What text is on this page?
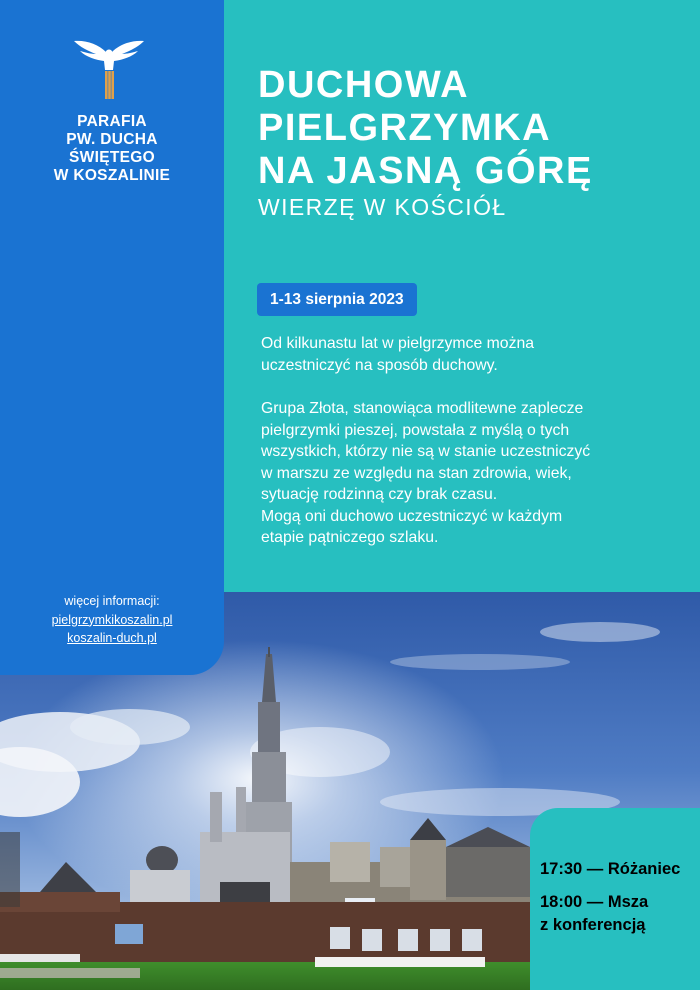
PARAFIA
PW. DUCHA
ŚWIĘTEGO
W KOSZALINIE
więcej informacji:
pielgrzymkikoszalin.pl
koszalin-duch.pl
DUCHOWA
PIELGRZYMKA
NA JASNĄ GÓRĘ
WIERZĘ W KOŚCIÓŁ
1-13 sierpnia 2023

Od kilkunastu lat w pielgrzymce można
uczestniczyć na sposób duchowy.

Grupa Złota, stanowiąca modlitewne zaplecze
pielgrzymki pieszej, powstała z myślą o tych
wszystkich, którzy nie są w stanie uczestniczyć
w marszu ze względu na stan zdrowia, wiek,
sytuację rodzinną czy brak czasu.
Mogą oni duchowo uczestniczyć w każdym
etapie pątniczego szlaku.

17:30 — Różaniec
18:00 — Msza
z konferencją
